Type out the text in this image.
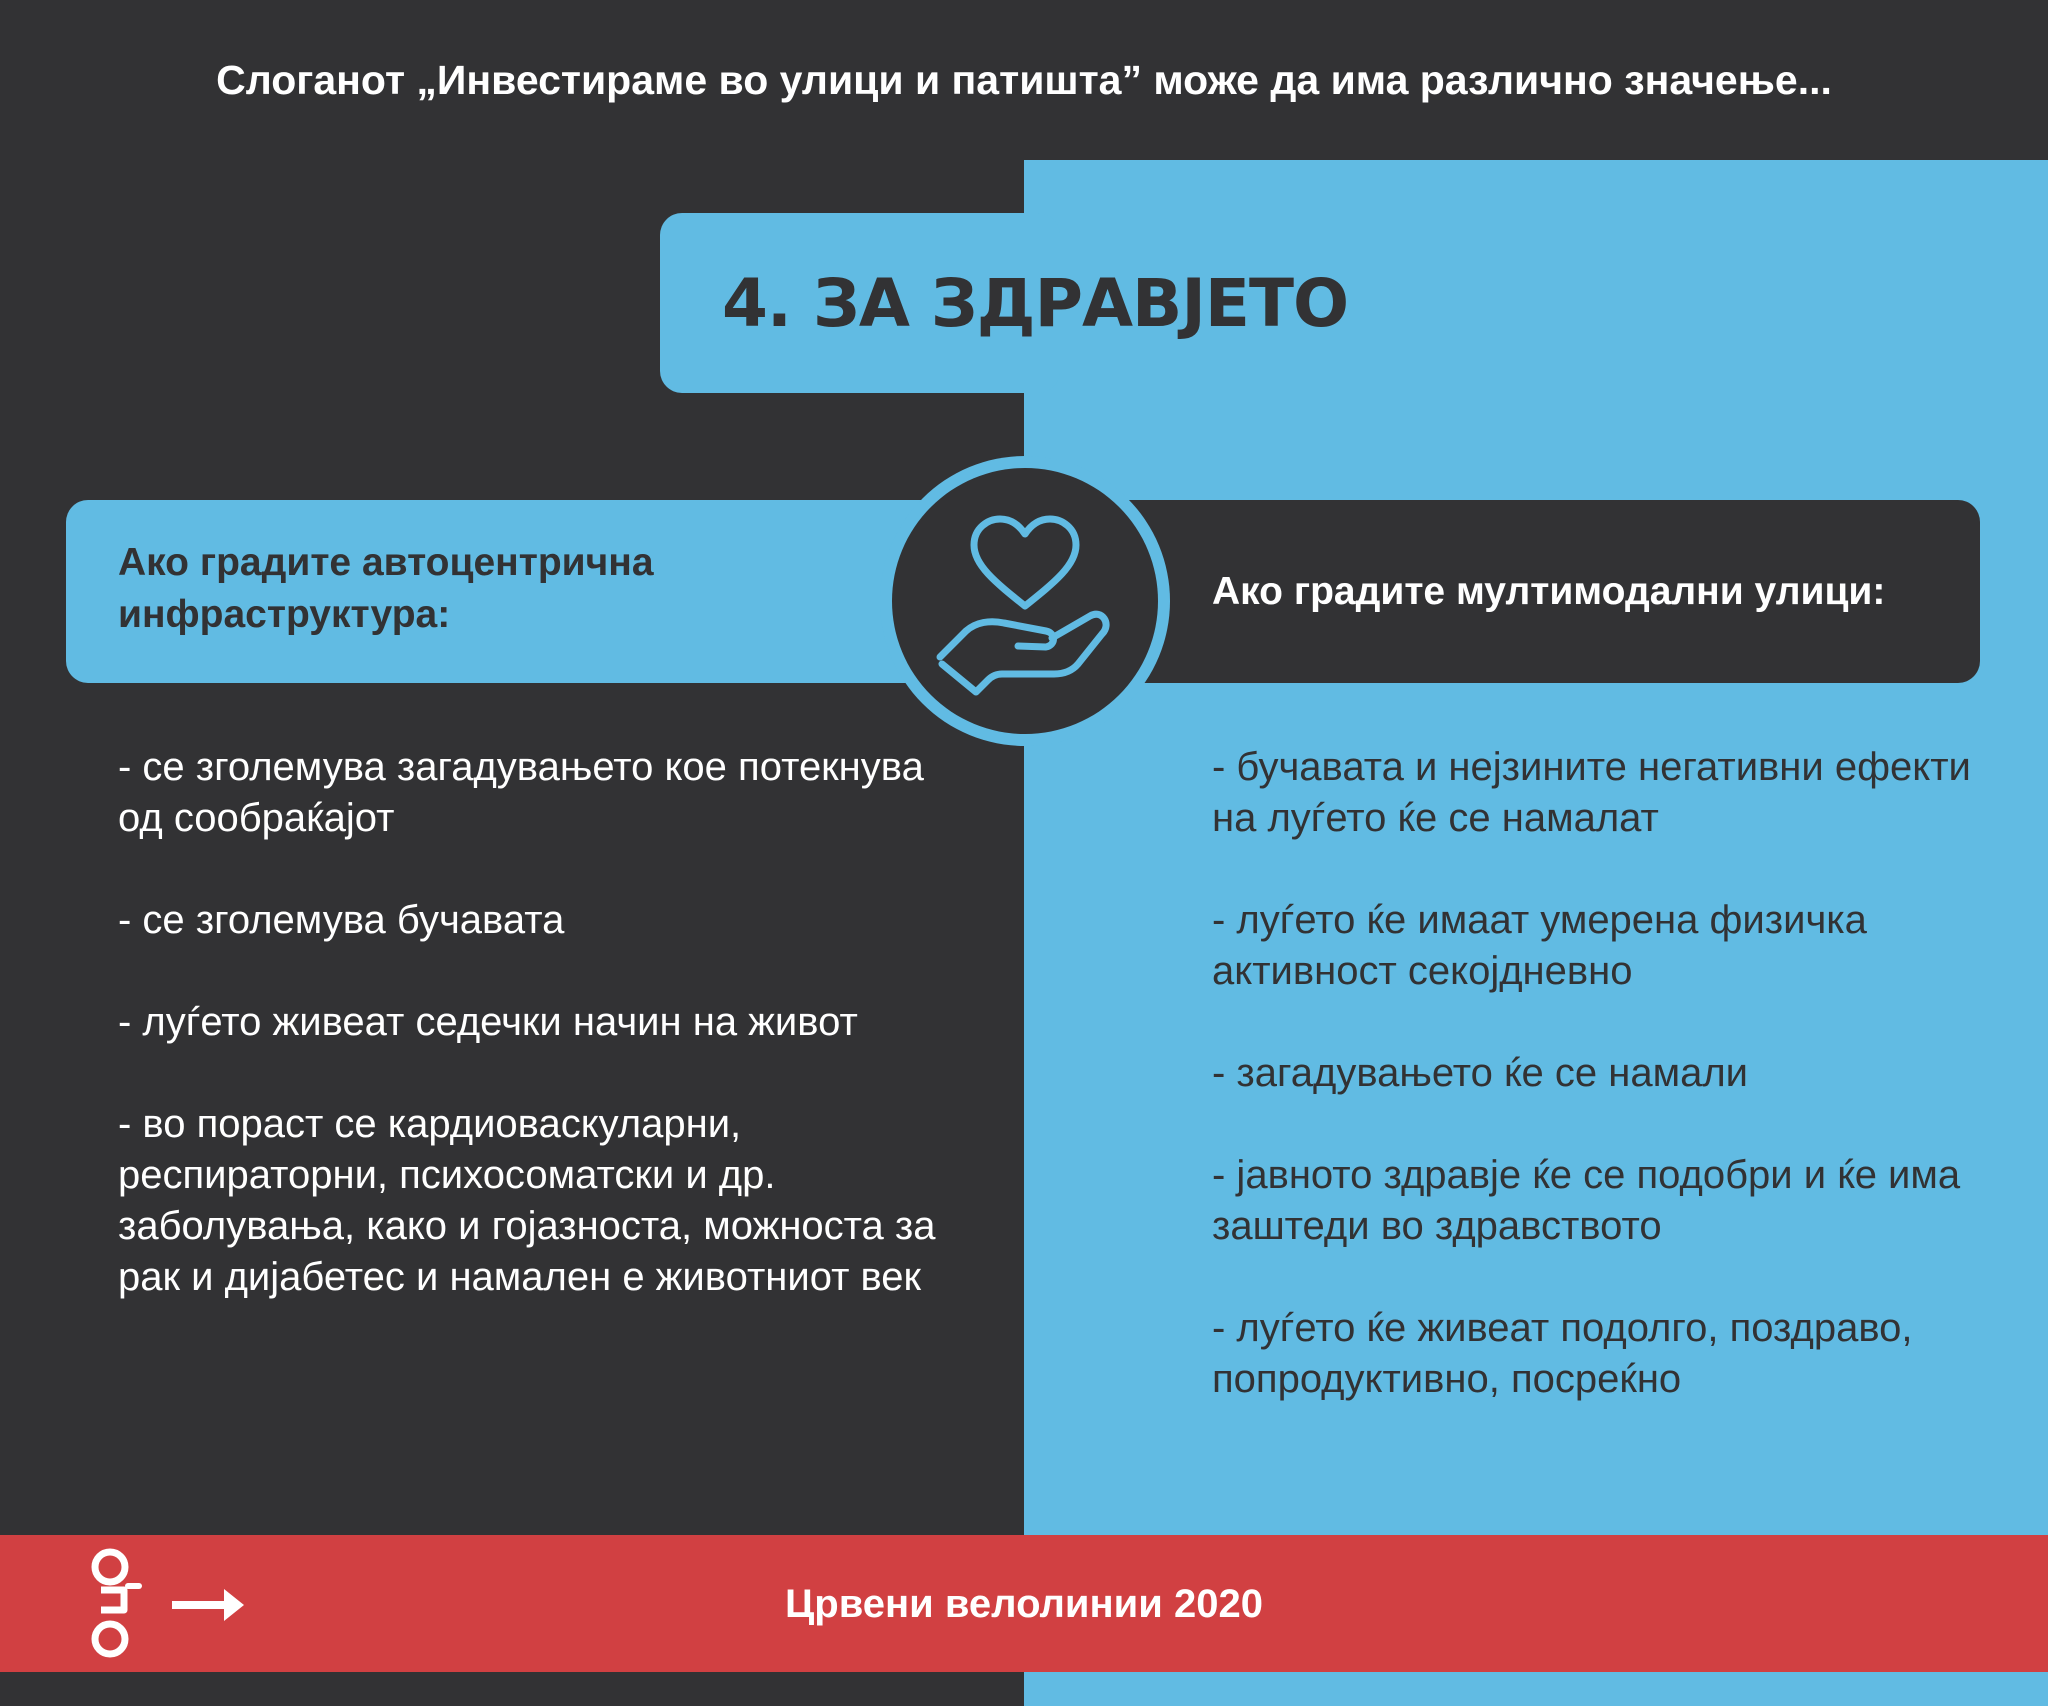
Слоганот „Инвестираме во улици и патишта” може да има различно значење...
4. ЗА ЗДРАВЈЕТО
Ако градите автоцентрична инфраструктура:
Ако градите мултимодални улици:
- се зголемува загадувањето кое потекнува од сообраќајот
- се зголемува бучавата
- луѓето живеат седечки начин на живот
- во пораст се кардиоваскуларни, респираторни, психосоматски и др. заболувања, како и гојазноста, можноста за рак и дијабетес и намален е животниот век
- бучавата и нејзините негативни ефекти на луѓето ќе се намалат
- луѓето ќе имаат умерена физичка активност секојдневно
- загадувањето ќе се намали
- јавното здравје ќе се подобри и ќе има заштеди во здравството
- луѓето ќе живеат подолго, поздраво, попродуктивно, посреќно
Црвени велолинии 2020
